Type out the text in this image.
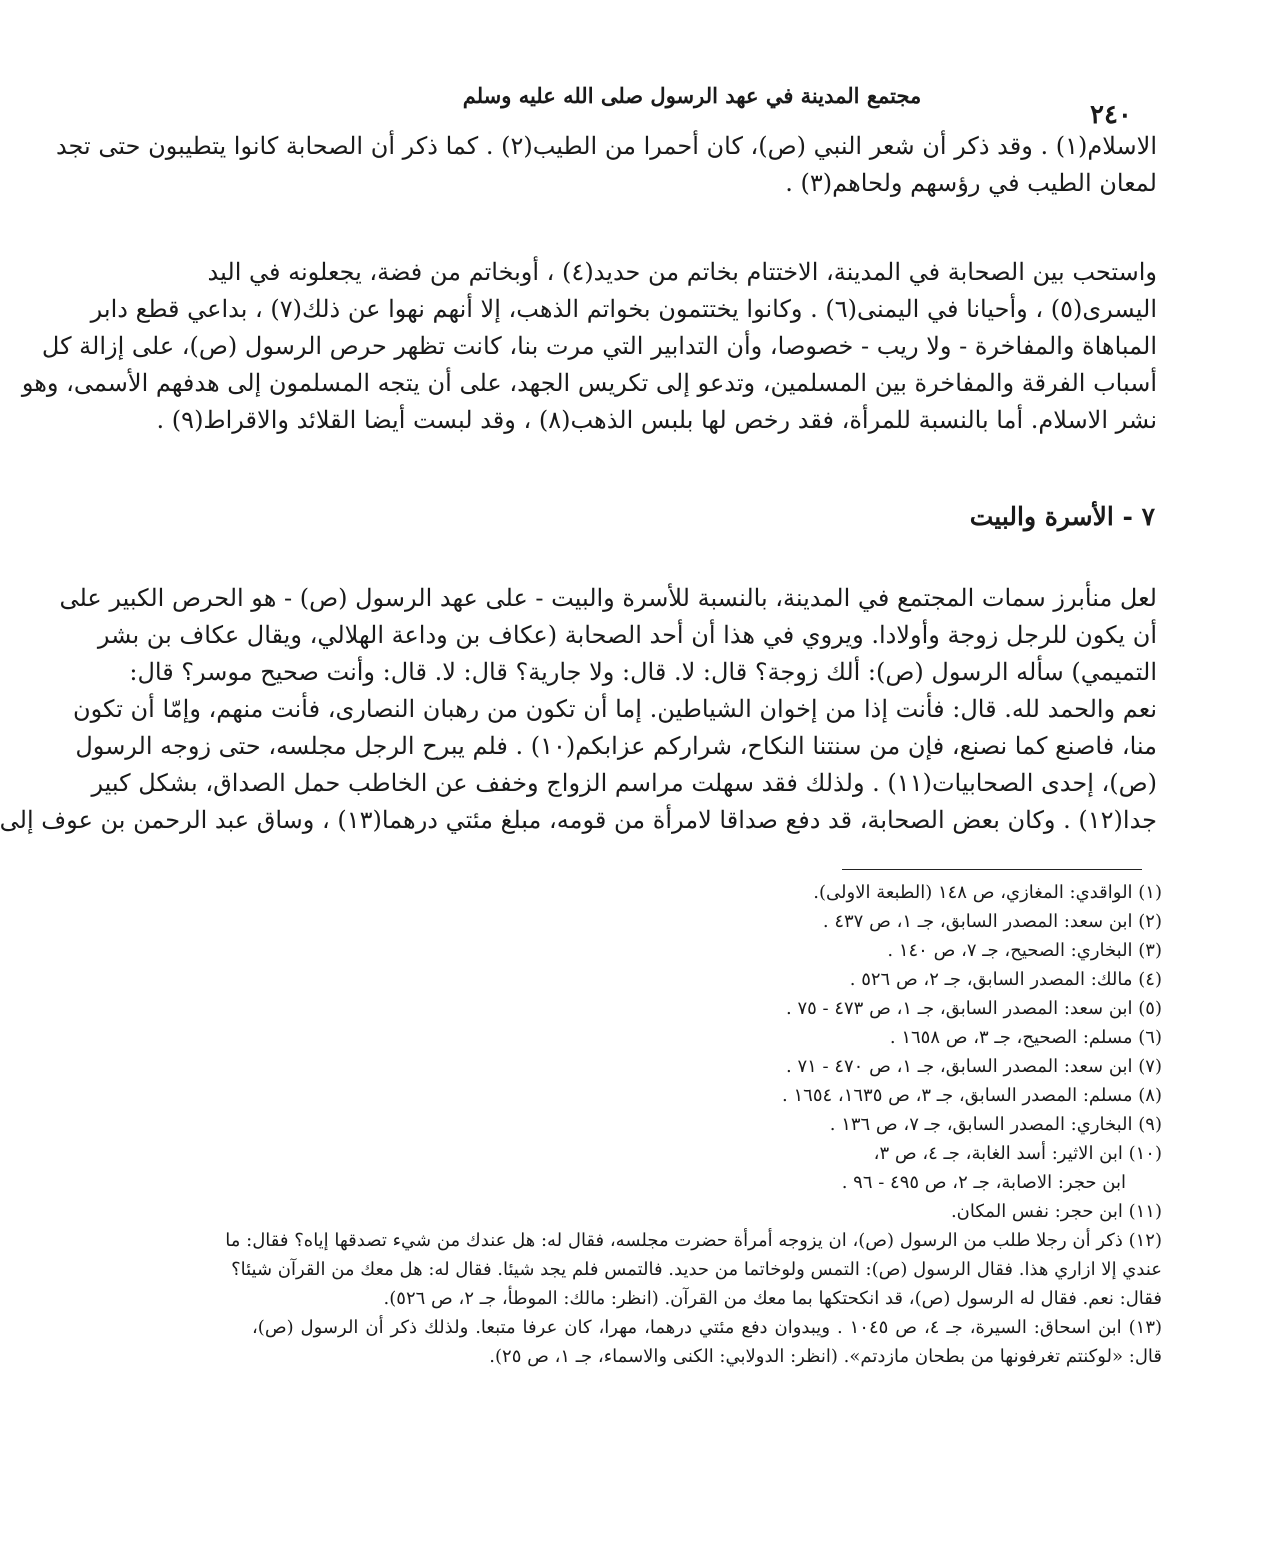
مجتمع المدينة في عهد الرسول صلى الله عليه وسلم
٢٤٠
الاسلام(١) . وقد ذكر أن شعر النبي (ص)، كان أحمرا من الطيب(٢) . كما ذكر أن الصحابة كانوا يتطيبون حتى تجد
لمعان الطيب في رؤسهم ولحاهم(٣) .
واستحب بين الصحابة في المدينة، الاختتام بخاتم من حديد(٤) ، أوبخاتم من فضة، يجعلونه في اليد
اليسرى(٥) ، وأحيانا في اليمنى(٦) . وكانوا يختتمون بخواتم الذهب، إلا أنهم نهوا عن ذلك(٧) ، بداعي قطع دابر
المباهاة والمفاخرة - ولا ريب - خصوصا، وأن التدابير التي مرت بنا، كانت تظهر حرص الرسول (ص)، على إزالة كل
أسباب الفرقة والمفاخرة بين المسلمين، وتدعو إلى تكريس الجهد، على أن يتجه المسلمون إلى هدفهم الأسمى، وهو
نشر الاسلام. أما بالنسبة للمرأة، فقد رخص لها بلبس الذهب(٨) ، وقد لبست أيضا القلائد والاقراط(٩) .
٧ - الأسرة والبيت
لعل منأبرز سمات المجتمع في المدينة، بالنسبة للأسرة والبيت - على عهد الرسول (ص) - هو الحرص الكبير على
أن يكون للرجل زوجة وأولادا. ويروي في هذا أن أحد الصحابة (عكاف بن وداعة الهلالي، ويقال عكاف بن بشر
التميمي) سأله الرسول (ص): ألك زوجة؟ قال: لا. قال: ولا جارية؟ قال: لا. قال: وأنت صحيح موسر؟ قال:
نعم والحمد لله. قال: فأنت إذا من إخوان الشياطين. إما أن تكون من رهبان النصارى، فأنت منهم، وإمّا أن تكون
منا، فاصنع كما نصنع، فإن من سنتنا النكاح، شراركم عزابكم(١٠) . فلم يبرح الرجل مجلسه، حتى زوجه الرسول
(ص)، إحدى الصحابيات(١١) . ولذلك فقد سهلت مراسم الزواج وخفف عن الخاطب حمل الصداق، بشكل كبير
جدا(١٢) . وكان بعض الصحابة، قد دفع صداقا لامرأة من قومه، مبلغ مئتي درهما(١٣) ، وساق عبد الرحمن بن عوف إلى
(١) الواقدي: المغازي، ص ١٤٨ (الطبعة الاولى).
(٢) ابن سعد: المصدر السابق، جـ ١، ص ٤٣٧ .
(٣) البخاري: الصحيح، جـ ٧، ص ١٤٠ .
(٤) مالك: المصدر السابق، جـ ٢، ص ٥٢٦ .
(٥) ابن سعد: المصدر السابق، جـ ١، ص ٤٧٣ - ٧٥ .
(٦) مسلم: الصحيح، جـ ٣، ص ١٦٥٨ .
(٧) ابن سعد: المصدر السابق، جـ ١، ص ٤٧٠ - ٧١ .
(٨) مسلم: المصدر السابق، جـ ٣، ص ١٦٣٥، ١٦٥٤ .
(٩) البخاري: المصدر السابق، جـ ٧، ص ١٣٦ .
(١٠) ابن الاثير: أسد الغابة، جـ ٤، ص ٣،
ابن حجر: الاصابة، جـ ٢، ص ٤٩٥ - ٩٦ .
(١١) ابن حجر: نفس المكان.
(١٢) ذكر أن رجلا طلب من الرسول (ص)، ان يزوجه أمرأة حضرت مجلسه، فقال له: هل عندك من شيء تصدقها إياه؟ فقال: ما
عندي إلا ازاري هذا. فقال الرسول (ص): التمس ولوخاتما من حديد. فالتمس فلم يجد شيئا. فقال له: هل معك من القرآن شيئا؟
فقال: نعم. فقال له الرسول (ص)، قد انكحتكها بما معك من القرآن. (انظر: مالك: الموطأ، جـ ٢، ص ٥٢٦).
(١٣) ابن اسحاق: السيرة، جـ ٤، ص ١٠٤٥ . ويبدوان دفع مئتي درهما، مهرا، كان عرفا متبعا. ولذلك ذكر أن الرسول (ص)،
قال: «لوكنتم تغرفونها من بطحان مازدتم». (انظر: الدولابي: الكنى والاسماء، جـ ١، ص ٢٥).
